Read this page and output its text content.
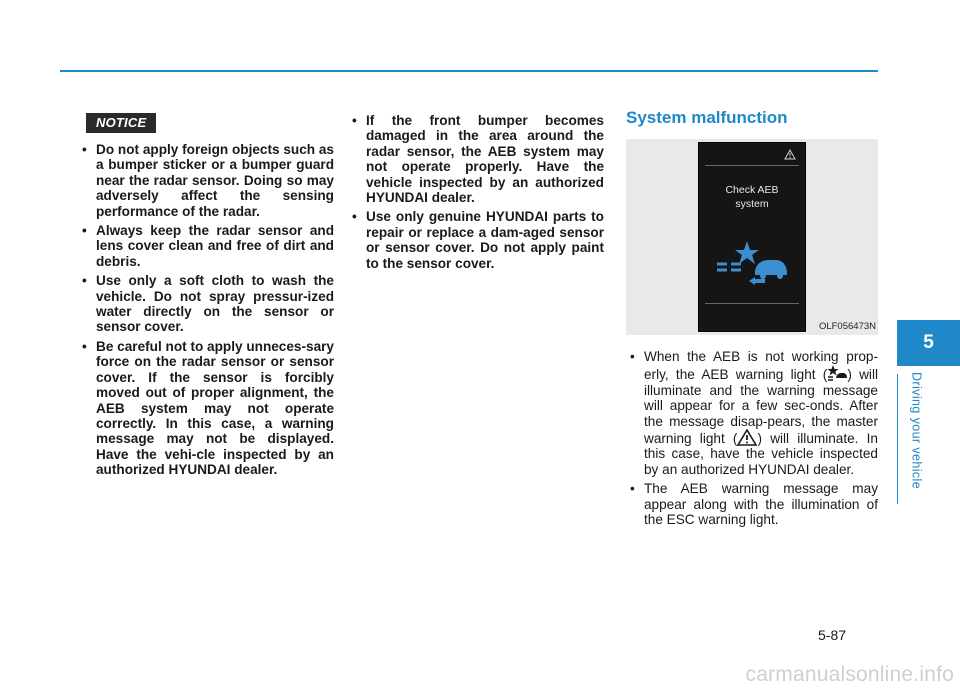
NOTICE
• Do not apply foreign objects such as a bumper sticker or a bumper guard near the radar sensor. Doing so may adversely affect the sensing performance of the radar.
• Always keep the radar sensor and lens cover clean and free of dirt and debris.
• Use only a soft cloth to wash the vehicle. Do not spray pressur-ized water directly on the sensor or sensor cover.
• Be careful not to apply unneces-sary force on the radar sensor or sensor cover. If the sensor is forcibly moved out of proper alignment, the AEB system may not operate correctly. In this case, a warning message may not be displayed. Have the vehi-cle inspected by an authorized HYUNDAI dealer.
• If the front bumper becomes damaged in the area around the radar sensor, the AEB system may not operate properly. Have the vehicle inspected by an authorized HYUNDAI dealer.
• Use only genuine HYUNDAI parts to repair or replace a dam-aged sensor or sensor cover. Do not apply paint to the sensor cover.
System malfunction
Check AEB
system
OLF056473N
• When the AEB is not working prop-erly, the AEB warning light ( ) will illuminate and the warning message will appear for a few sec-onds. After the message disap-pears, the master warning light ( ) will illuminate. In this case, have the vehicle inspected by an authorized HYUNDAI dealer.
• The AEB warning message may appear along with the illumination of the ESC warning light.
5
Driving your vehicle
5-87
carmanualsonline.info
